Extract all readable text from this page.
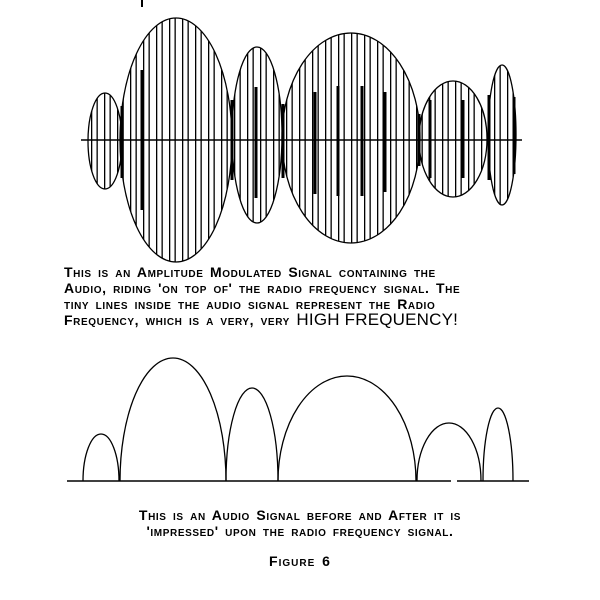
This is an Amplitude Modulated Signal containing the
Audio, riding 'on top of' the radio frequency signal. The
tiny lines inside the audio signal represent the Radio
Frequency, which is a very, very HIGH FREQUENCY!
This is an Audio Signal before and After it is
'impressed' upon the radio frequency signal.
Figure 6
